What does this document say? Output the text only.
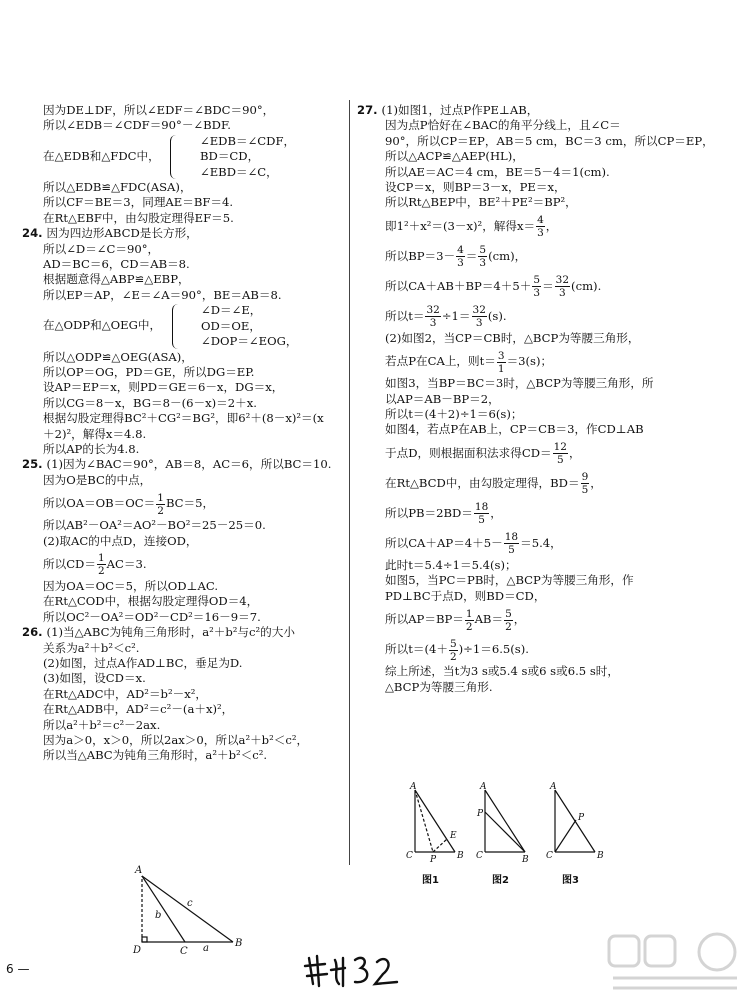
因为DE⊥DF，所以∠EDF＝∠BDC＝90°，
所以∠EDB＝∠CDF＝90°－∠BDF.
在△EDB和△FDC中，
∠EDB＝∠CDF，
BD＝CD，
∠EBD＝∠C，
所以△EDB≌△FDC(ASA)，
所以CF＝BE＝3，同理AE＝BF＝4.
在Rt△EBF中，由勾股定理得EF＝5.
24. 因为四边形ABCD是长方形，
所以∠D＝∠C＝90°，
AD＝BC＝6，CD＝AB＝8.
根据题意得△ABP≌△EBP，
所以EP＝AP，∠E＝∠A＝90°，BE＝AB＝8.
在△ODP和△OEG中，
∠D＝∠E，
OD＝OE，
∠DOP＝∠EOG，
所以△ODP≌△OEG(ASA)，
所以OP＝OG，PD＝GE，所以DG＝EP.
设AP＝EP＝x，则PD＝GE＝6－x，DG＝x，
所以CG＝8－x，BG＝8－(6－x)＝2＋x.
根据勾股定理得BC²＋CG²＝BG²，即6²＋(8－x)²＝(x
＋2)²，解得x＝4.8.
所以AP的长为4.8.
25. (1)因为∠BAC＝90°，AB＝8，AC＝6，所以BC＝10.
因为O是BC的中点，
所以$OA=OB=OC= \frac{1}{2} BC=5$，
所以AB²－OA²＝AO²－BO²＝25－25＝0.
(2)取AC的中点D，连接OD，
所以$CD= \frac{1}{2} AC=3$.
因为OA＝OC＝5，所以OD⊥AC.
在Rt△COD中，根据勾股定理得OD＝4，
所以OC²－OA²＝OD²－CD²＝16－9＝7.
26. (1)当△ABC为钝角三角形时，a²＋b²与c²的大小
关系为a²＋b²＜c².
(2)如图，过点A作AD⊥BC，垂足为D.
(3)如图，设CD＝x.
在Rt△ADC中，AD²＝b²－x²，
在Rt△ADB中，AD²＝c²－(a＋x)²，
所以a²＋b²＝c²－2ax.
因为a＞0，x＞0，所以2ax＞0，所以a²＋b²＜c²，
所以当△ABC为钝角三角形时，a²＋b²＜c².
A
D	C
B
b
c
a
27. (1)如图1，过点P作PE⊥AB，
因为点P恰好在∠BAC的角平分线上，且∠C＝
90°，所以CP＝EP，AB＝5 cm，BC＝3 cm，所以CP＝EP，
所以△ACP≌△AEP(HL)，
所以AE＝AC＝4 cm，BE＝5－4＝1(cm).
设CP＝x，则BP＝3－x，PE＝x，
所以Rt△BEP中，BE²＋PE²＝BP²，
即1²＋x²＝(3－x)²，解得$x= \frac{4}{3}$ ，
所以$BP=3- \frac{4}{3} = \frac{5}{3} (cm)$，
所以$CA+AB+BP=4+5+ \frac{5}{3} = \frac{32}{3} (cm)$.
所以$t= \frac{32}{3} \div 1= \frac{32}{3} (s)$.
(2)如图2，当CP＝CB时，△BCP为等腰三角形，
若点P在CA上，则$t= \frac{3}{1} =3(s)$；
如图3，当BP＝BC＝3时，△BCP为等腰三角形，所
以AP＝AB－BP＝2，
所以t＝(4＋2)÷1＝6(s)；
如图4，若点P在AB上，CP＝CB＝3，作CD⊥AB
于点D，则根据面积法求得$CD= \frac{12}{5}$ ，
在Rt△BCD中，由勾股定理得，$BD= \frac{9}{5}$ ，
所以$PB=2BD= \frac{18}{5}$ ，
所以$CA+AP=4+5- \frac{18}{5} =5.4$，
此时t＝5.4÷1＝5.4(s)；
如图5，当PC＝PB时，△BCP为等腰三角形，作
PD⊥BC于点D，则BD＝CD，
所以$AP=BP= \frac{1}{2} AB= \frac{5}{2}$ ，
所以$t=(4+ \frac{5}{2} )\div 1=6.5(s)$.
综上所述，当t为3 s或5.4 s或6 s或6.5 s时，
△BCP为等腰三角形.
A
C P B
E
A
P
C	B
A
P
C	B
图1	图2	图3
6 —
